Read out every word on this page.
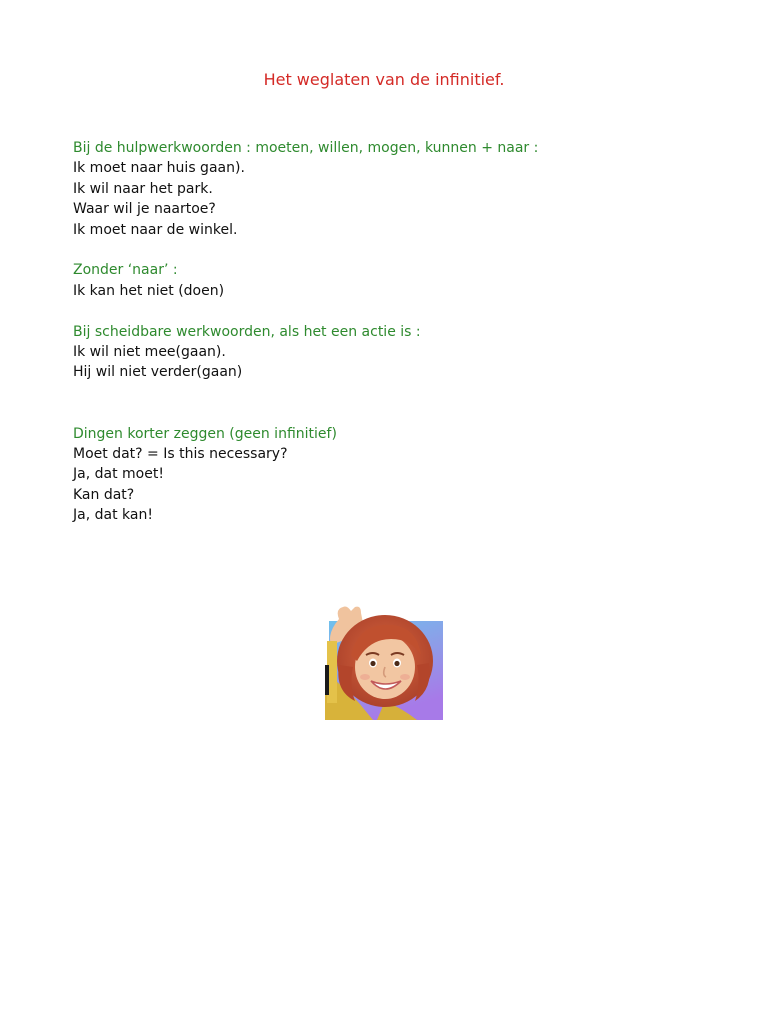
Het weglaten van de infinitief.
Bij de hulpwerkwoorden : moeten, willen, mogen, kunnen + naar :
Ik moet naar huis gaan).
Ik wil naar het park.
Waar wil je naartoe?
Ik moet naar de winkel.
Zonder ‘naar’ :
Ik kan het niet (doen)
Bij scheidbare werkwoorden, als het een actie is :
Ik wil niet mee(gaan).
Hij wil niet verder(gaan)
Dingen korter zeggen (geen infinitief)
Moet dat? = Is this necessary?
Ja, dat moet!
Kan dat?
Ja, dat kan!
